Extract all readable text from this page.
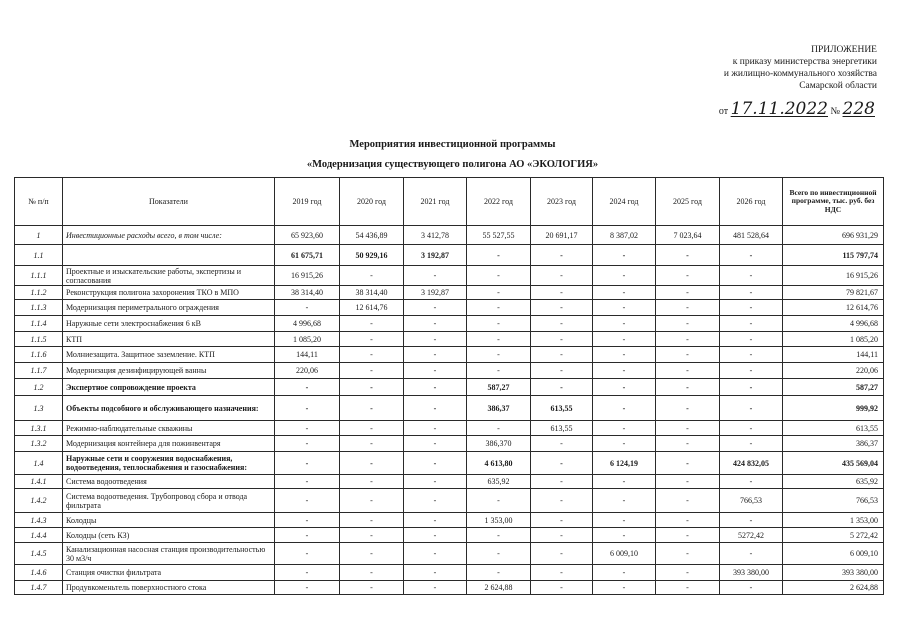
ПРИЛОЖЕНИЕ
к приказу министерства энергетики
и жилищно-коммунального хозяйства
Самарской области
от 17.11.2022 № 228
Мероприятия инвестиционной программы
«Модернизация существующего полигона АО «ЭКОЛОГИЯ»
№ п/п	Показатели	2019 год	2020 год	2021 год	2022 год	2023 год	2024 год	2025 год	2026 год	Всего по инвестиционной программе, тыс. руб. без НДС
1	Инвестиционные расходы всего, в том числе:	65 923,60	54 436,89	3 412,78	55 527,55	20 691,17	8 387,02	7 023,64	481 528,64	696 931,29
1.1		61 675,71	50 929,16	3 192,87	-	-	-	-	-	115 797,74
1.1.1	Проектные и изыскательские работы, экспертизы и согласования	16 915,26	-	-	-	-	-	-	-	16 915,26
1.1.2	Реконструкция полигона захоронения ТКО в МПО	38 314,40	38 314,40	3 192,87	-	-	-	-	-	79 821,67
1.1.3	Модернизация периметрального ограждения	-	12 614,76	-	-	-	-	-	-	12 614,76
1.1.4	Наружные сети электроснабжения 6 кВ	4 996,68	-	-	-	-	-	-	-	4 996,68
1.1.5	КТП	1 085,20	-	-	-	-	-	-	-	1 085,20
1.1.6	Молниезащита. Защитное заземление. КТП	144,11	-	-	-	-	-	-	-	144,11
1.1.7	Модернизация дезинфицирующей ванны	220,06	-	-	-	-	-	-	-	220,06
1.2	Экспертное сопровождение проекта	-	-	-	587,27	-	-	-	-	587,27
1.3	Объекты подсобного и обслуживающего назначения:	-	-	-	386,37	613,55	-	-	-	999,92
1.3.1	Режимно-наблюдательные скважины	-	-	-	-	613,55	-	-	-	613,55
1.3.2	Модернизация контейнера для пожинвентаря	-	-	-	386,370	-	-	-	-	386,37
1.4	Наружные сети и сооружения водоснабжения, водоотведения, теплоснабжения и газоснабжения:	-	-	-	4 613,80	-	6 124,19	-	424 832,05	435 569,04
1.4.1	Система водоотведения	-	-	-	635,92	-	-	-	-	635,92
1.4.2	Система водоотведения. Трубопровод сбора и отвода фильтрата	-	-	-	-	-	-	-	766,53	766,53
1.4.3	Колодцы	-	-	-	1 353,00	-	-	-	-	1 353,00
1.4.4	Колодцы (сеть КЗ)	-	-	-	-	-	-	-	5272,42	5 272,42
1.4.5	Канализационная насосная станция производительностью 30 м3/ч	-	-	-	-	-	6 009,10	-	-	6 009,10
1.4.6	Станция очистки фильтрата	-	-	-	-	-	-	-	393 380,00	393 380,00
1.4.7	Продувкоменьтель поверхностного стока	-	-	-	2 624,88	-	-	-	-	2 624,88
